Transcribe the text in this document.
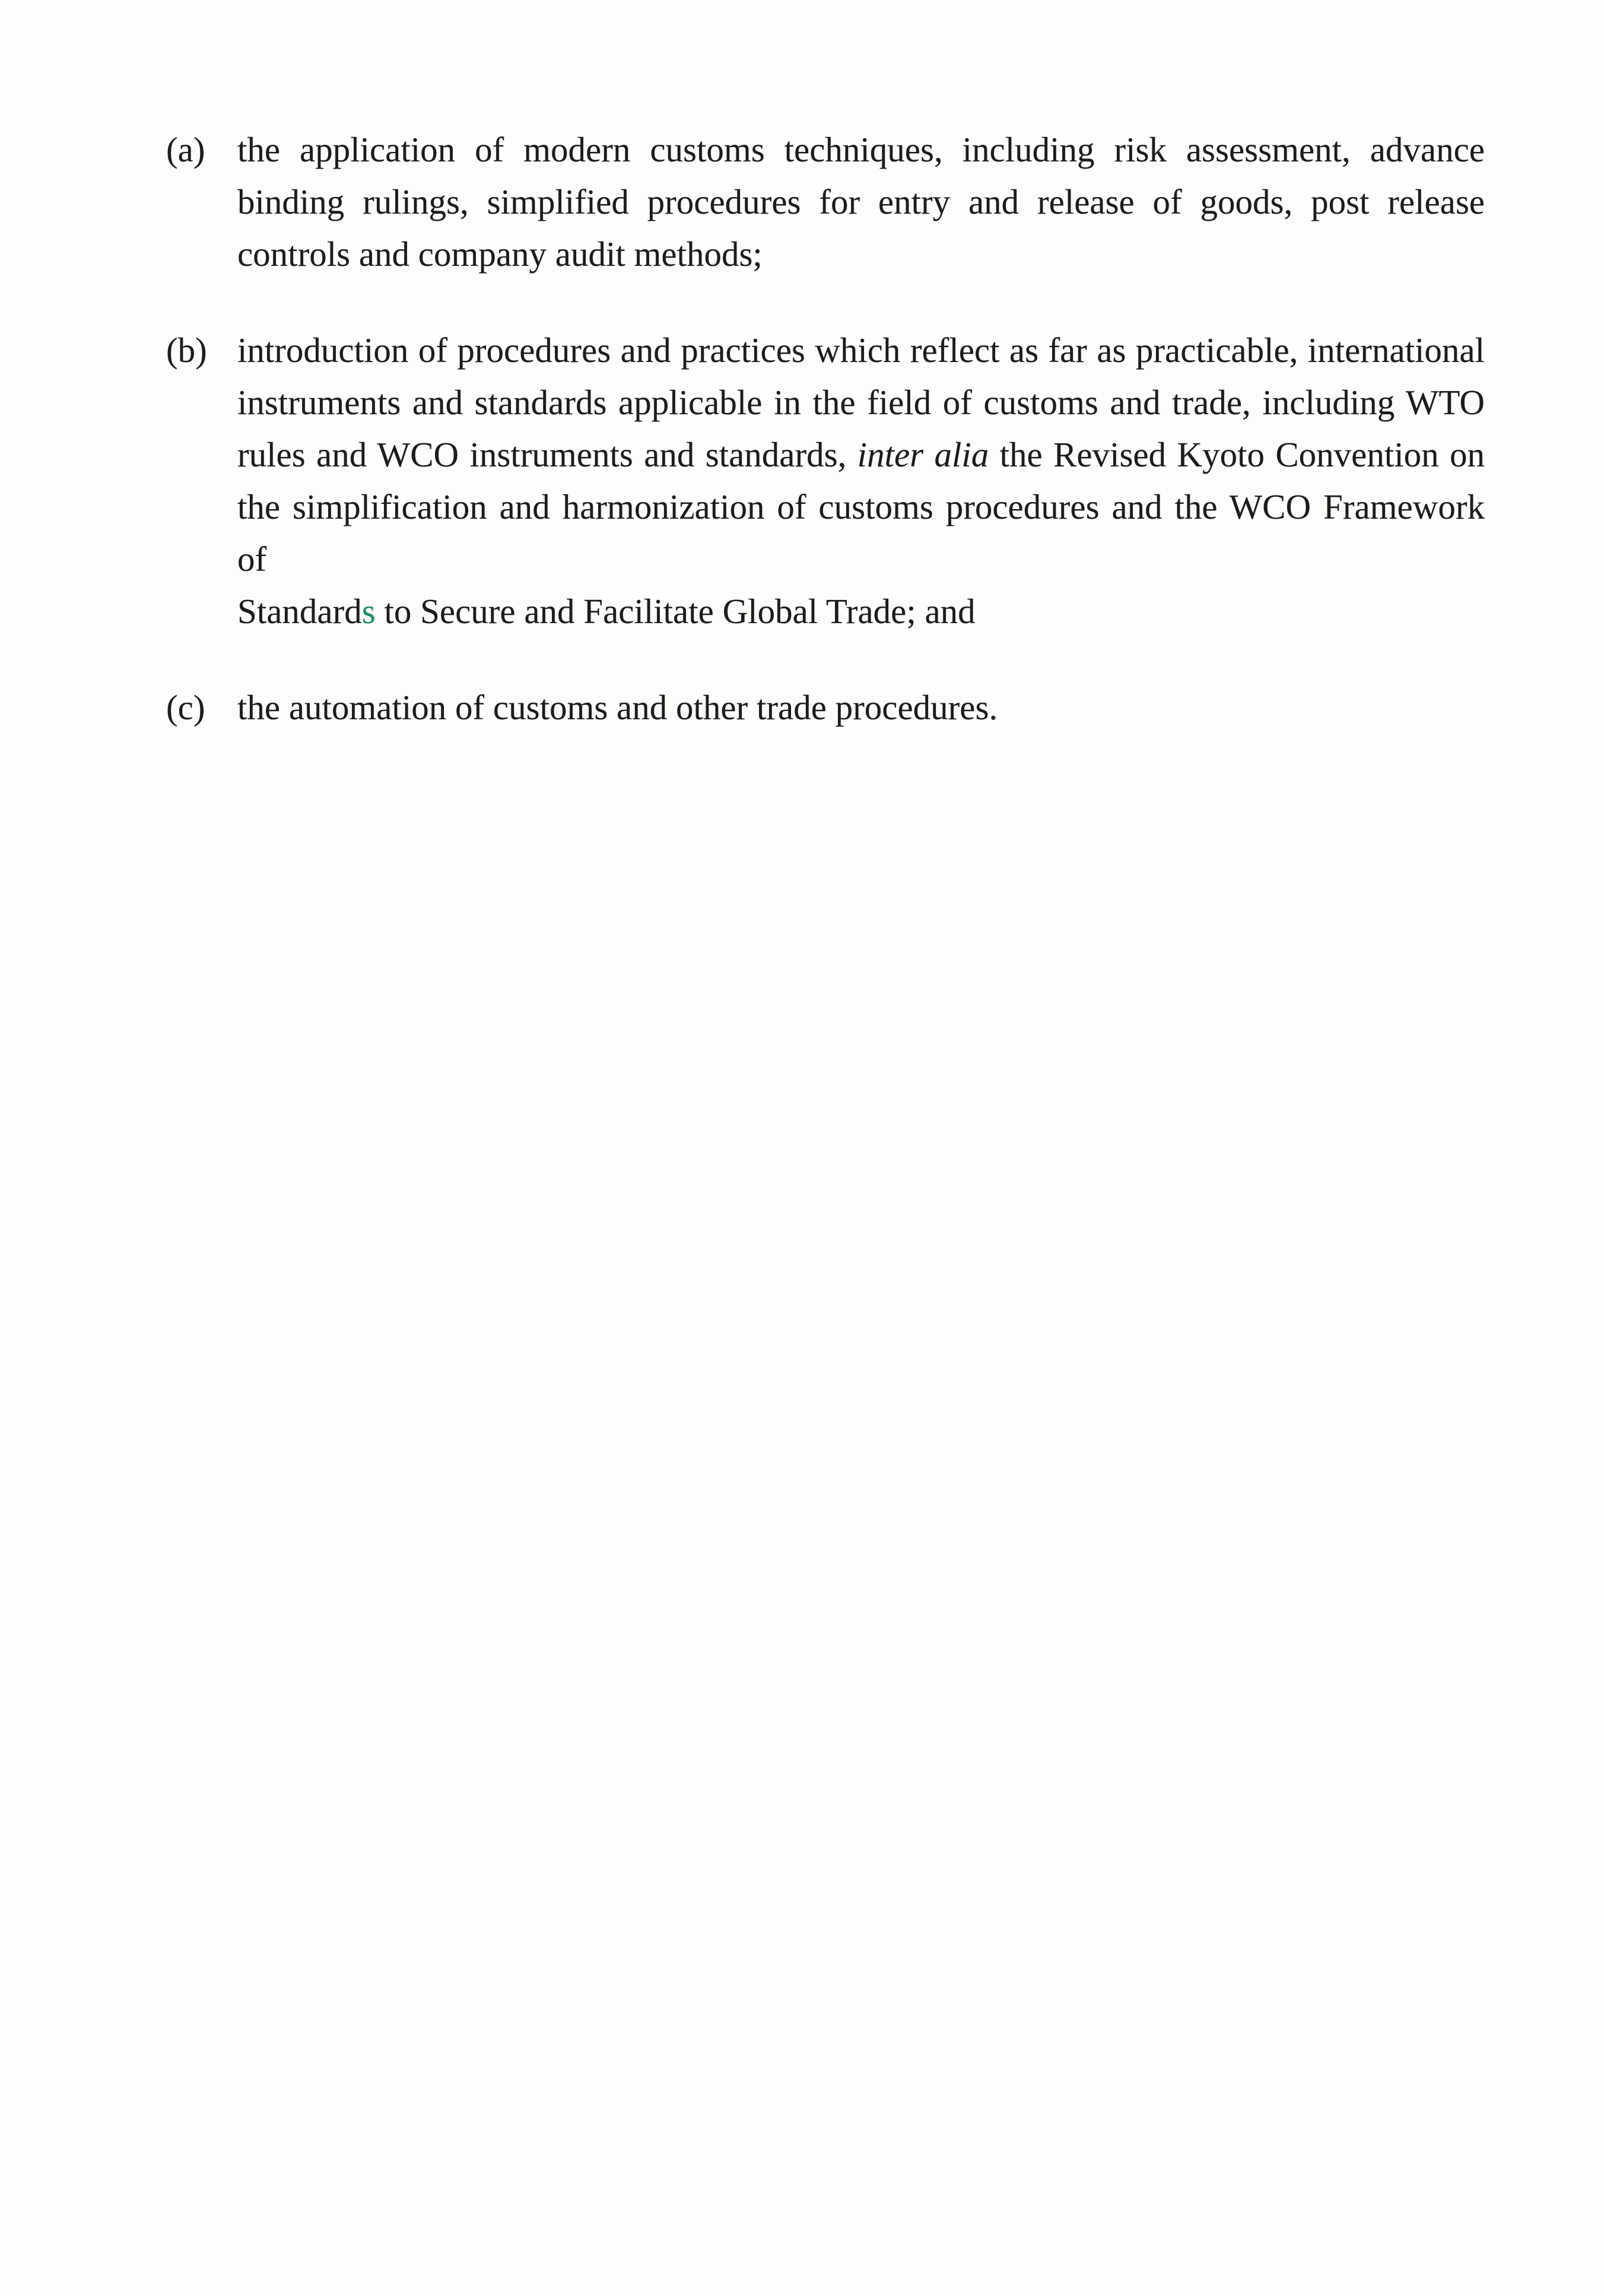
(a) the application of modern customs techniques, including risk assessment, advance
binding rulings, simplified procedures for entry and release of goods, post release
controls and company audit methods;
(b) introduction of procedures and practices which reflect as far as practicable, international
instruments and standards applicable in the field of customs and trade, including WTO
rules and WCO instruments and standards, inter alia the Revised Kyoto Convention on
the simplification and harmonization of customs procedures and the WCO Framework of
Standards to Secure and Facilitate Global Trade; and
(c) the automation of customs and other trade procedures.
